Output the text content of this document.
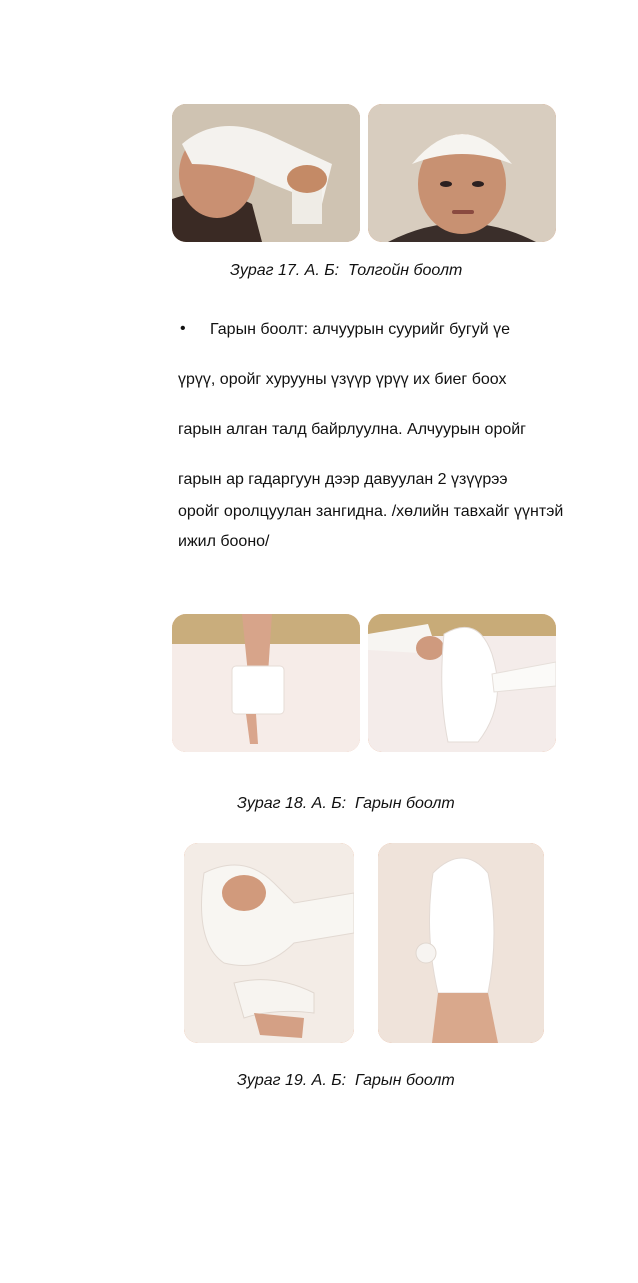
Зураг 17. А. Б:  Толгойн боолт
• Гарын боолт: алчуурын суурийг бугуй үе
үрүү, оройг хурууны үзүүр үрүү их биег боох
гарын алган талд байрлуулна. Алчуурын оройг
гарын ар гадаргуун дээр давуулан 2 үзүүрээ
оройг оролцуулан зангидна. /хөлийн тавхайг үүнтэй
ижил бооно/
Зураг 18. А. Б:  Гарын боолт
Зураг 19. А. Б:  Гарын боолт
